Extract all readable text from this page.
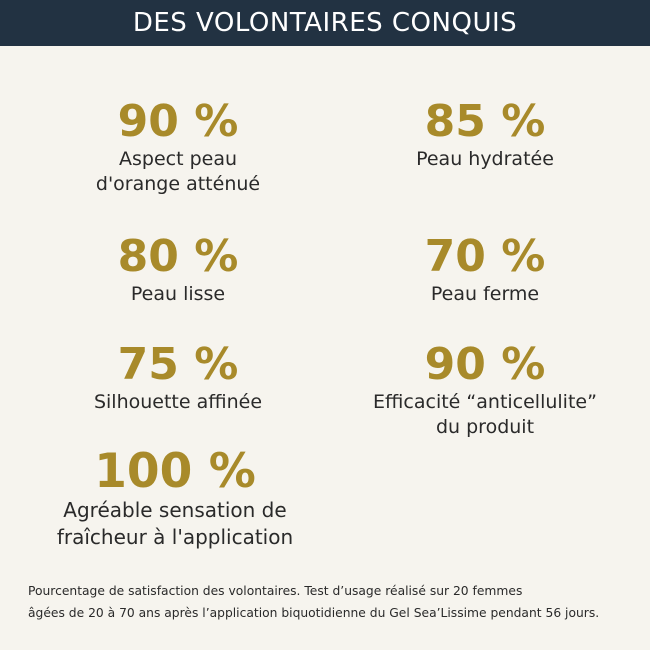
DES VOLONTAIRES CONQUIS
90 %
Aspect peau
d'orange atténué
85 %
Peau hydratée
80 %
Peau lisse
70 %
Peau ferme
75 %
Silhouette affinée
90 %
Efficacité “anticellulite”
du produit
100 %
Agréable sensation de
fraîcheur à l'application
Pourcentage de satisfaction des volontaires. Test d’usage réalisé sur 20 femmes
âgées de 20 à 70 ans après l’application biquotidienne du Gel Sea’Lissime pendant 56 jours.
